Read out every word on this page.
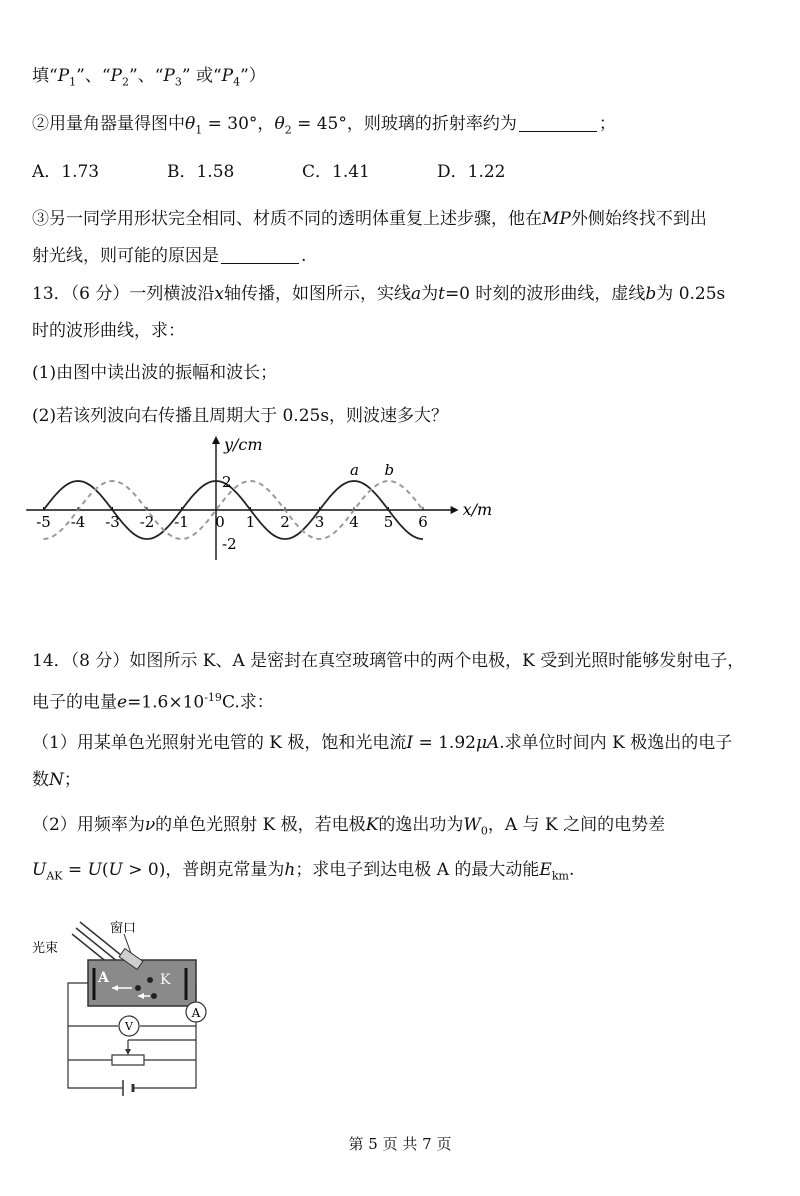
填“$P_1$”、“$P_2$”、“$P_3$” 或“$P_4$”）
②用量角器量得图中$\theta_1 = 30^\circ$，$\theta_2 = 45^\circ$，则玻璃的折射率约为	；
A．1.73	B．1.58	C．1.41	D．1.22
③另一同学用形状完全相同、材质不同的透明体重复上述步骤，他在MP外侧始终找不到出
射光线，则可能的原因是	.
13．（6 分）一列横波沿x轴传播，如图所示，实线a为t=0 时刻的波形曲线，虚线b为 0.25s
时的波形曲线，求：
(1)由图中读出波的振幅和波长；
(2)若该列波向右传播且周期大于 0.25s，则波速多大？
a b
-5 -4 -3 -2 -1 0 1 2 3 4 5 6
2
-2
x/m
y/cm
14．（8 分）如图所示 K、A 是密封在真空玻璃管中的两个电极，K 受到光照时能够发射电子，
电子的电量$e=1.6\times 10^{-19}C$.求：
（1）用某单色光照射光电管的 K 极，饱和光电流I = 1.92μA.求单位时间内 K 极逸出的电子
数N；
（2）用频率为ν的单色光照射 K 极，若电极K的逸出功为$W_0$，A 与 K 之间的电势差
$U_{AK} = U(U > 0)$，普朗克常量为h；求电子到达电极 A 的最大动能$E_{km}$.
光束
窗口
A	K
A
V
第 5 页 共 7 页
